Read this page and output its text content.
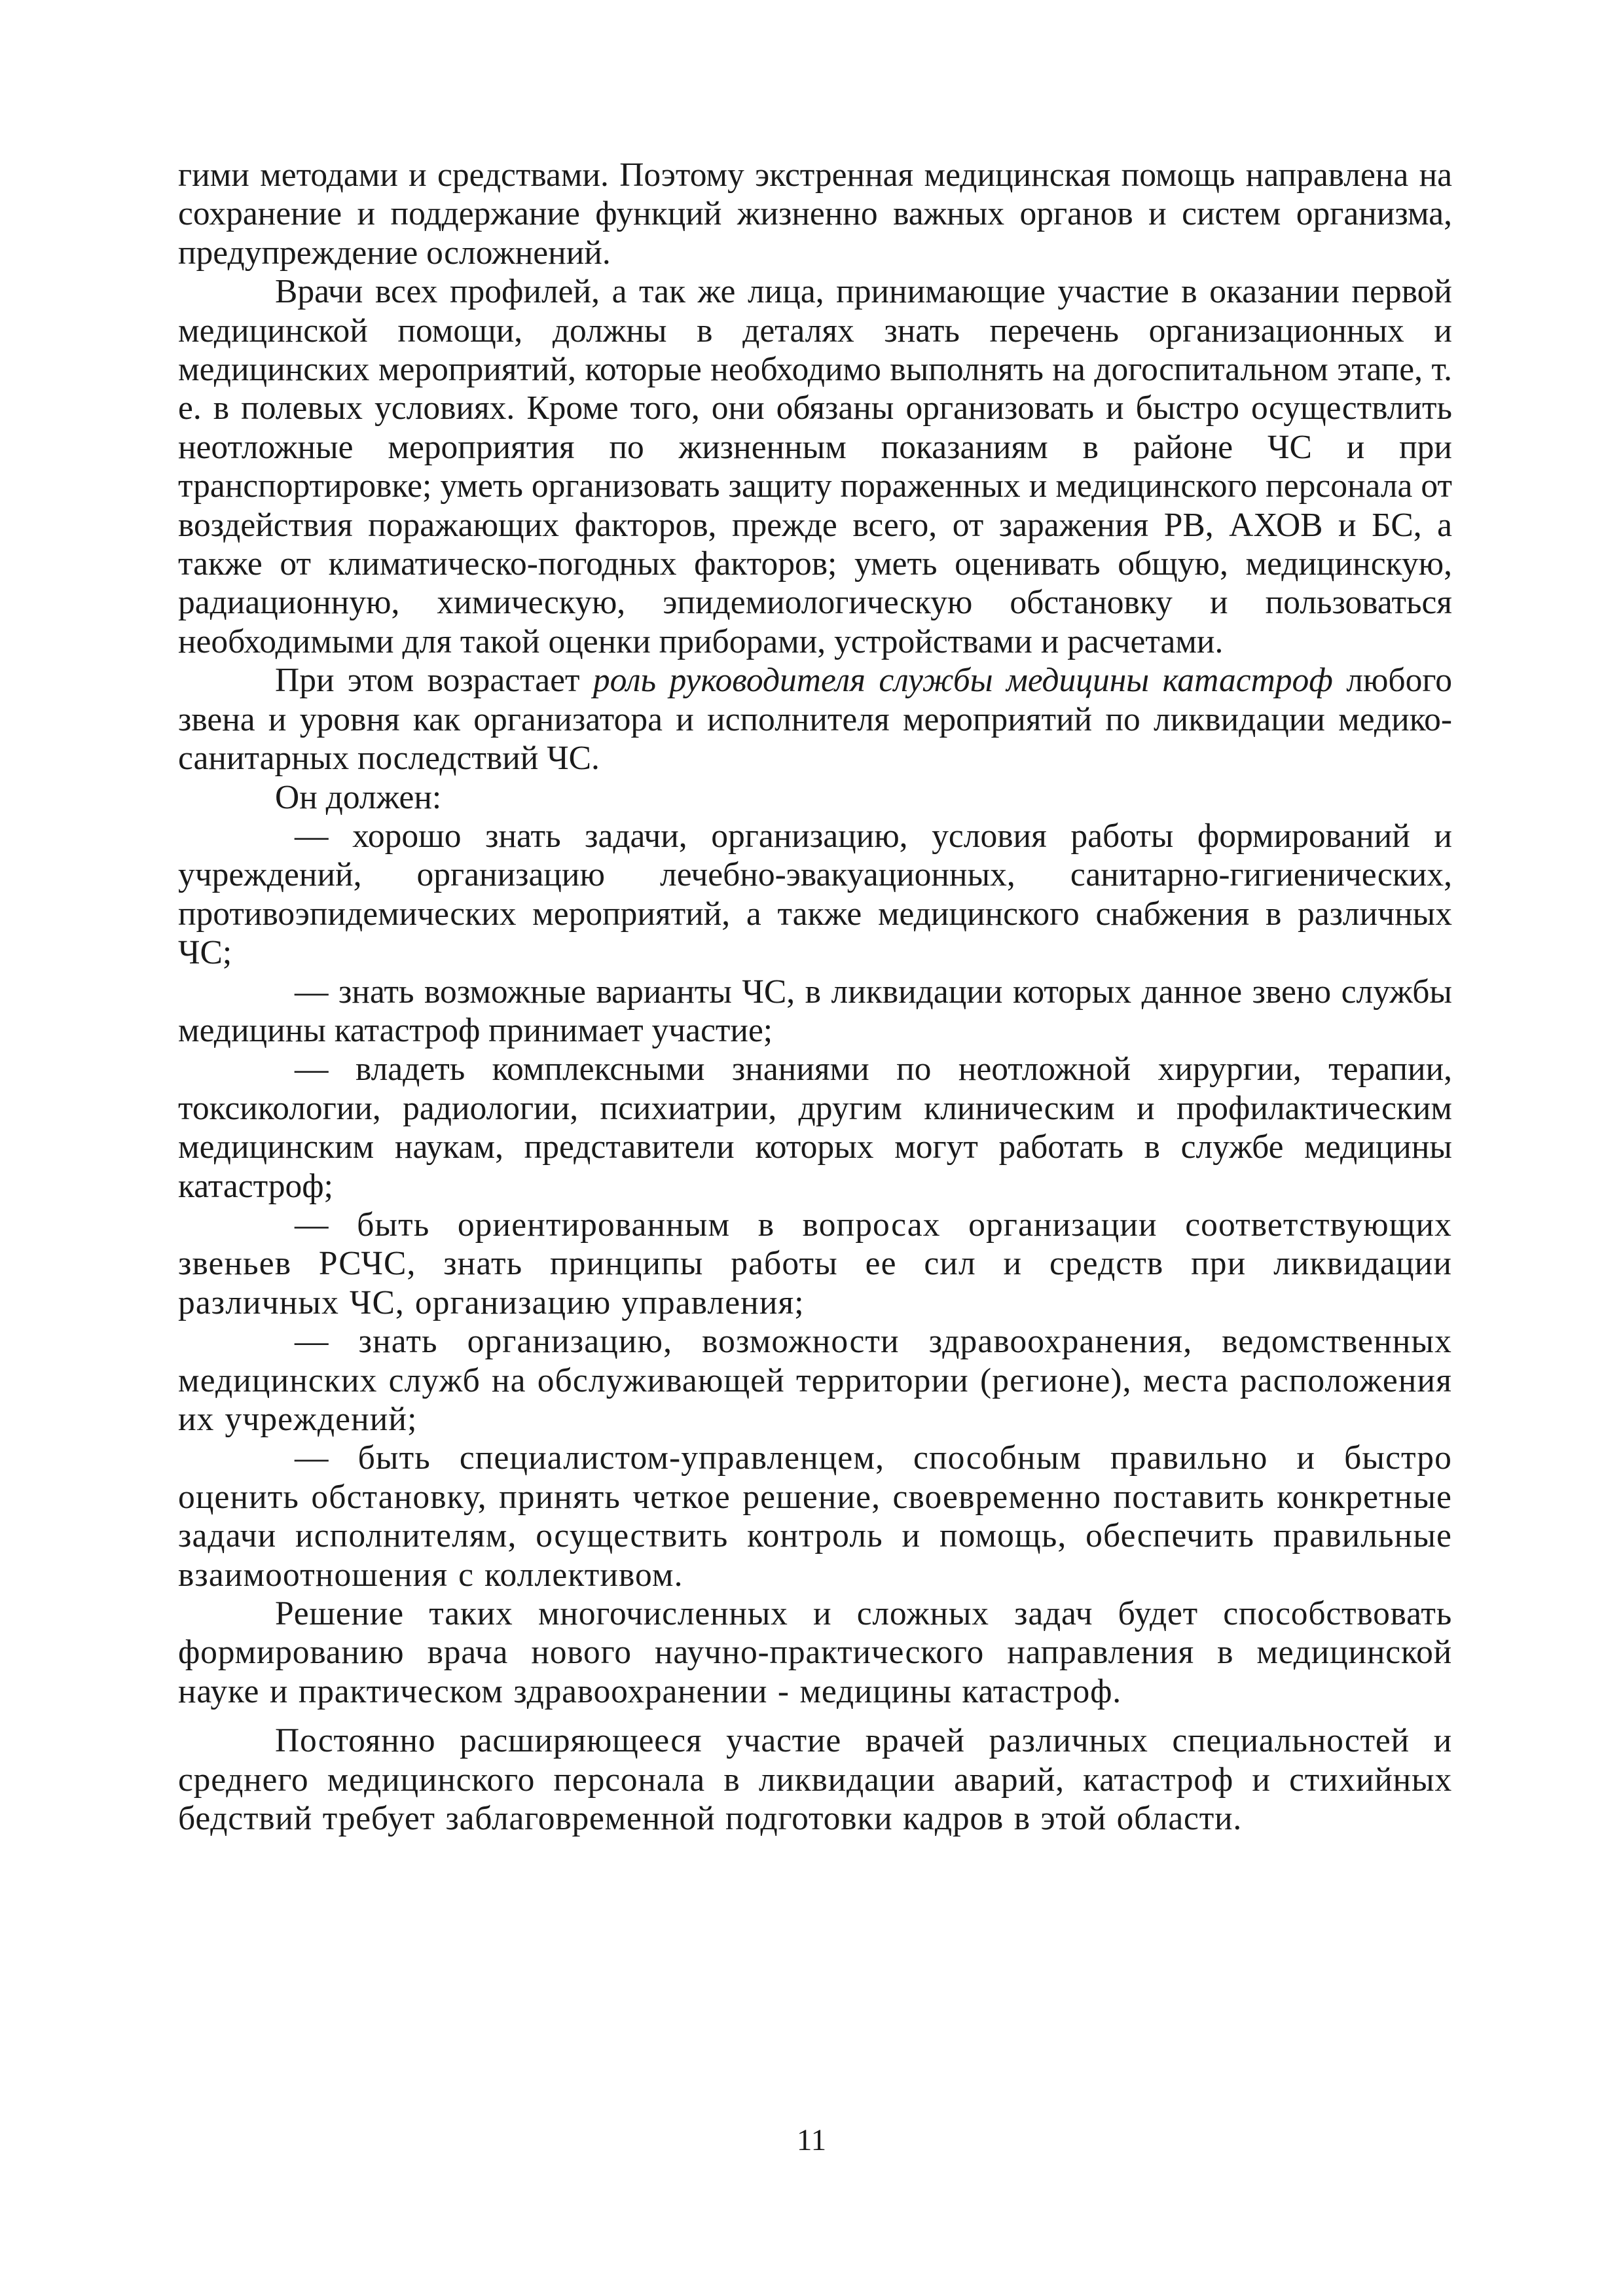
гими методами и средствами. Поэтому экстренная медицинская помощь направлена на сохранение и поддержание функций жизненно важных органов и систем организма, предупреждение осложнений.

Врачи всех профилей, а так же лица, принимающие участие в оказании первой медицинской помощи, должны в деталях знать перечень организационных и медицинских мероприятий, которые необходимо выполнять на догоспитальном этапе, т. е. в полевых условиях. Кроме того, они обязаны организовать и быстро осуществлить неотложные мероприятия по жизненным показаниям в районе ЧС и при транспортировке; уметь организовать защиту пораженных и медицинского персонала от воздействия поражающих факторов, прежде всего, от заражения РВ, АХОВ и БС, а также от климатическо-погодных факторов; уметь оценивать общую, медицинскую, радиационную, химическую, эпидемиологическую обстановку и пользоваться необходимыми для такой оценки приборами, устройствами и расчетами.

При этом возрастает роль руководителя службы медицины катастроф любого звена и уровня как организатора и исполнителя мероприятий по ликвидации медико-санитарных последствий ЧС.

Он должен:

— хорошо знать задачи, организацию, условия работы формирований и учреждений, организацию лечебно-эвакуационных, санитарно-гигиенических, противоэпидемических мероприятий, а также медицинского снабжения в различных ЧС;

— знать возможные варианты ЧС, в ликвидации которых данное звено службы медицины катастроф принимает участие;

— владеть комплексными знаниями по неотложной хирургии, терапии, токсикологии, радиологии, психиатрии, другим клиническим и профилактическим медицинским наукам, представители которых могут работать в службе медицины катастроф;

— быть ориентированным в вопросах организации соответствующих звеньев РСЧС, знать принципы работы ее сил и средств при ликвидации различных ЧС, организацию управления;

— знать организацию, возможности здравоохранения, ведомственных медицинских служб на обслуживающей территории (регионе), места расположения их учреждений;

— быть специалистом-управленцем, способным правильно и быстро оценить обстановку, принять четкое решение, своевременно поставить конкретные задачи исполнителям, осуществить контроль и помощь, обеспечить правильные взаимоотношения с коллективом.

Решение таких многочисленных и сложных задач будет способствовать формированию врача нового научно-практического направления в медицинской науке и практическом здравоохранении - медицины катастроф.

Постоянно расширяющееся участие врачей различных специальностей и среднего медицинского персонала в ликвидации аварий, катастроф и стихийных бедствий требует заблаговременной подготовки кадров в этой области.

11
